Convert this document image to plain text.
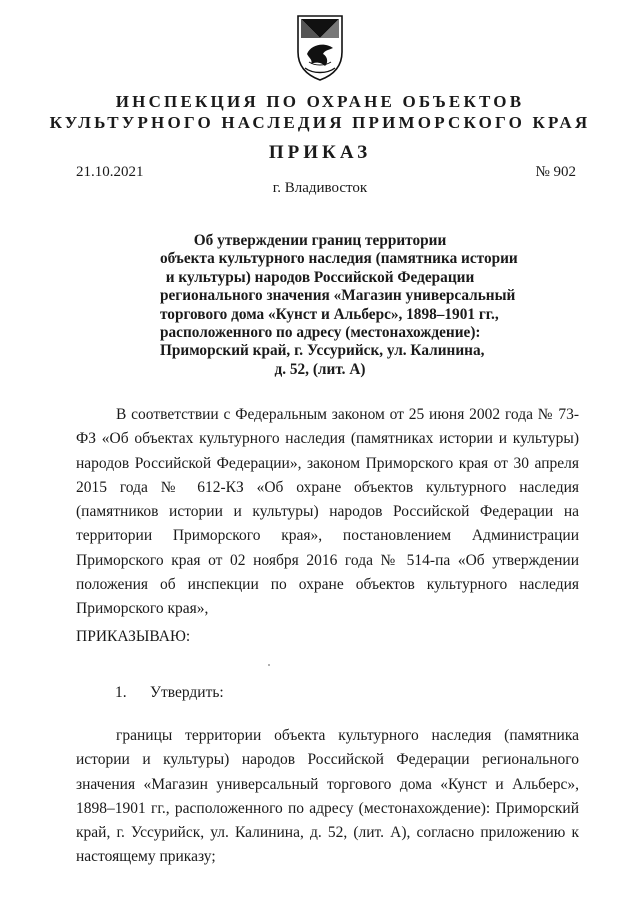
ИНСПЕКЦИЯ ПО ОХРАНЕ ОБЪЕКТОВ
КУЛЬТУРНОГО НАСЛЕДИЯ ПРИМОРСКОГО КРАЯ
ПРИКАЗ
21.10.2021	№ 902
г. Владивосток
Об утверждении границ территории
объекта культурного наследия (памятника истории
и культуры) народов Российской Федерации
регионального значения «Магазин универсальный
торгового дома «Кунст и Альберс», 1898–1901 гг.,
расположенного по адресу (местонахождение):
Приморский край, г. Уссурийск, ул. Калинина,
д. 52, (лит. А)
В соответствии с Федеральным законом от 25 июня 2002 года № 73-ФЗ «Об объектах культурного наследия (памятниках истории и культуры) народов Российской Федерации», законом Приморского края от 30 апреля 2015 года № 612-КЗ «Об охране объектов культурного наследия (памятников истории и культуры) народов Российской Федерации на территории Приморского края», постановлением Администрации Приморского края от 02 ноября 2016 года № 514-па «Об утверждении положения об инспекции по охране объектов культурного наследия Приморского края»,
ПРИКАЗЫВАЮ:
1. Утвердить:
границы территории объекта культурного наследия (памятника истории и культуры) народов Российской Федерации регионального значения «Магазин универсальный торгового дома «Кунст и Альберс», 1898–1901 гг., расположенного по адресу (местонахождение): Приморский край, г. Уссурийск, ул. Калинина, д. 52, (лит. А), согласно приложению к настоящему приказу;
